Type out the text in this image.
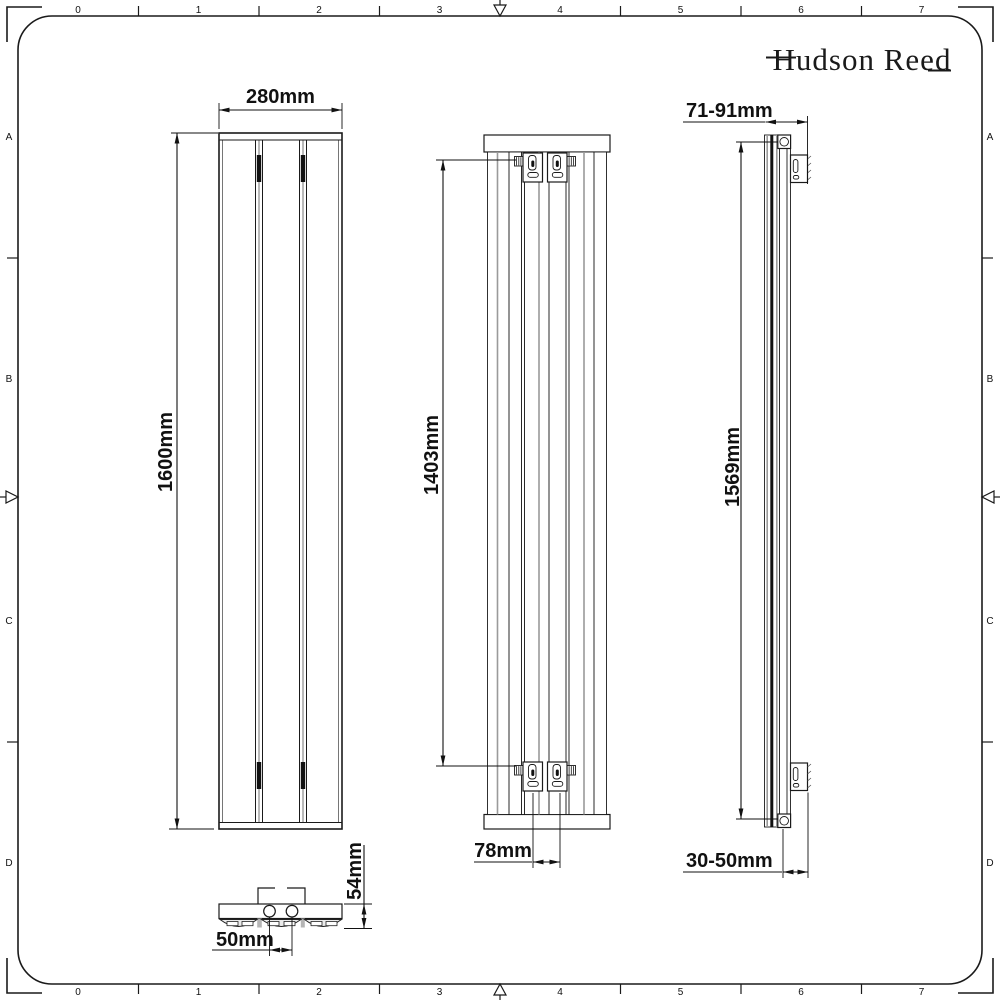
0	1	2	3	4	5	6	7
0	1	2	3	4	5	6	7
A
B
C
D
A
B
C
D
Hudson Reed
280mm
1600mm	1403mm
78mm
71-91mm
1569mm
30-50mm
54mm
50mm
